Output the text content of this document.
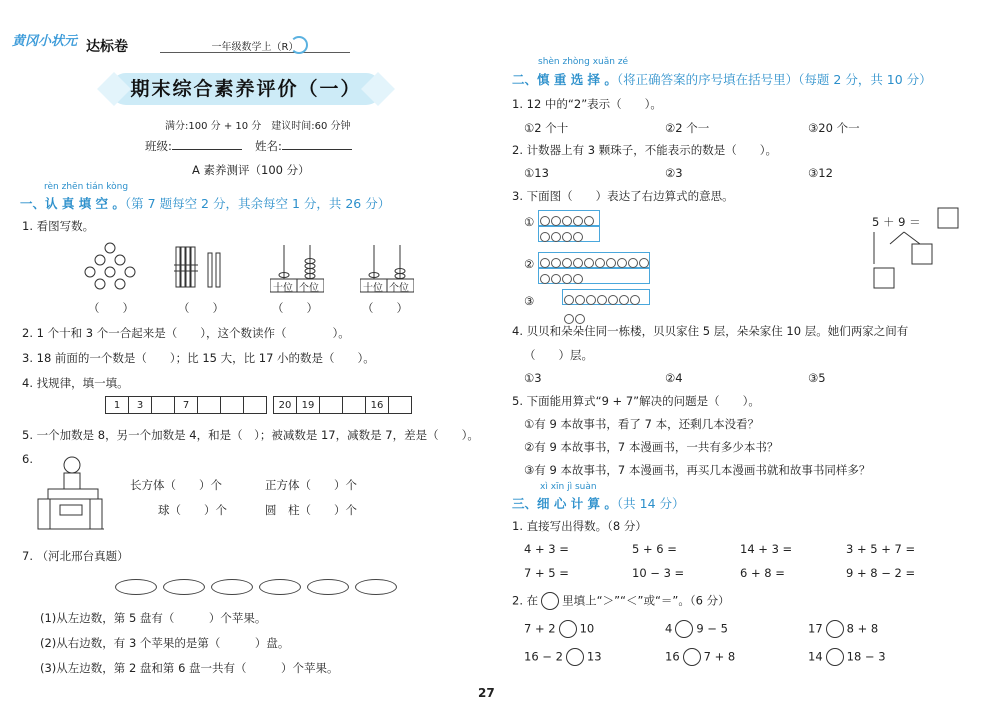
黄冈小状元 达标卷	一年级数学上（R）
期末综合素养评价（一）
满分:100 分 + 10 分　建议时间:60 分钟
班级:	姓名:
A 素养测评（100 分）
rèn zhēn tián kòng
一、认 真 填 空 。（第 7 题每空 2 分，其余每空 1 分，共 26 分）
1. 看图写数。
十位 个位	十位 个位
（　　）	（　　）	（　　）	（　　）
2. 1 个十和 3 个一合起来是（　　），这个数读作（　　　　）。
3. 18 前面的一个数是（　　）；比 15 大，比 17 小的数是（　　）。
4. 找规律，填一填。
1	3		7				20	19			16	
5. 一个加数是 8，另一个加数是 4，和是（　）；被减数是 17，减数是 7，差是（　　）。
6.
长方体（　　）个	正方体（　　）个
球（　　）个	圆　柱（　　）个
7. （河北邢台真题）
(1)从左边数，第 5 盘有（　　　）个苹果。
(2)从右边数，有 3 个苹果的是第（　　　）盘。
(3)从左边数，第 2 盘和第 6 盘一共有（　　　）个苹果。
shèn zhòng xuǎn zé
二、慎 重 选 择 。（将正确答案的序号填在括号里）（每题 2 分，共 10 分）
1. 12 中的“2”表示（　　）。
①2 个十	②2 个一	③20 个一
2. 计数器上有 3 颗珠子，不能表示的数是（　　）。
①13	②3	③12
3. 下面图（　　）表达了右边算式的意思。
①
②
③
5 ＋ 9 ＝
4. 贝贝和朵朵住同一栋楼，贝贝家住 5 层，朵朵家住 10 层。她们两家之间有
（　　）层。
①3	②4	③5
5. 下面能用算式“9 + 7”解决的问题是（　　）。
①有 9 本故事书，看了 7 本，还剩几本没看？
②有 9 本故事书，7 本漫画书，一共有多少本书？
③有 9 本故事书，7 本漫画书，再买几本漫画书就和故事书同样多？
xì xīn jì suàn
三、细 心 计 算 。（共 14 分）
1. 直接写出得数。（8 分）
4 + 3 =	5 + 6 =	14 + 3 =	3 + 5 + 7 =
7 + 5 =	10 − 3 =	6 + 8 =	9 + 8 − 2 =
2. 在 里填上“＞”“＜”或“＝”。（6 分）
7 + 2 10	4 9 − 5	17 8 + 8
16 − 2 13	16 7 + 8	14 18 − 3
27
